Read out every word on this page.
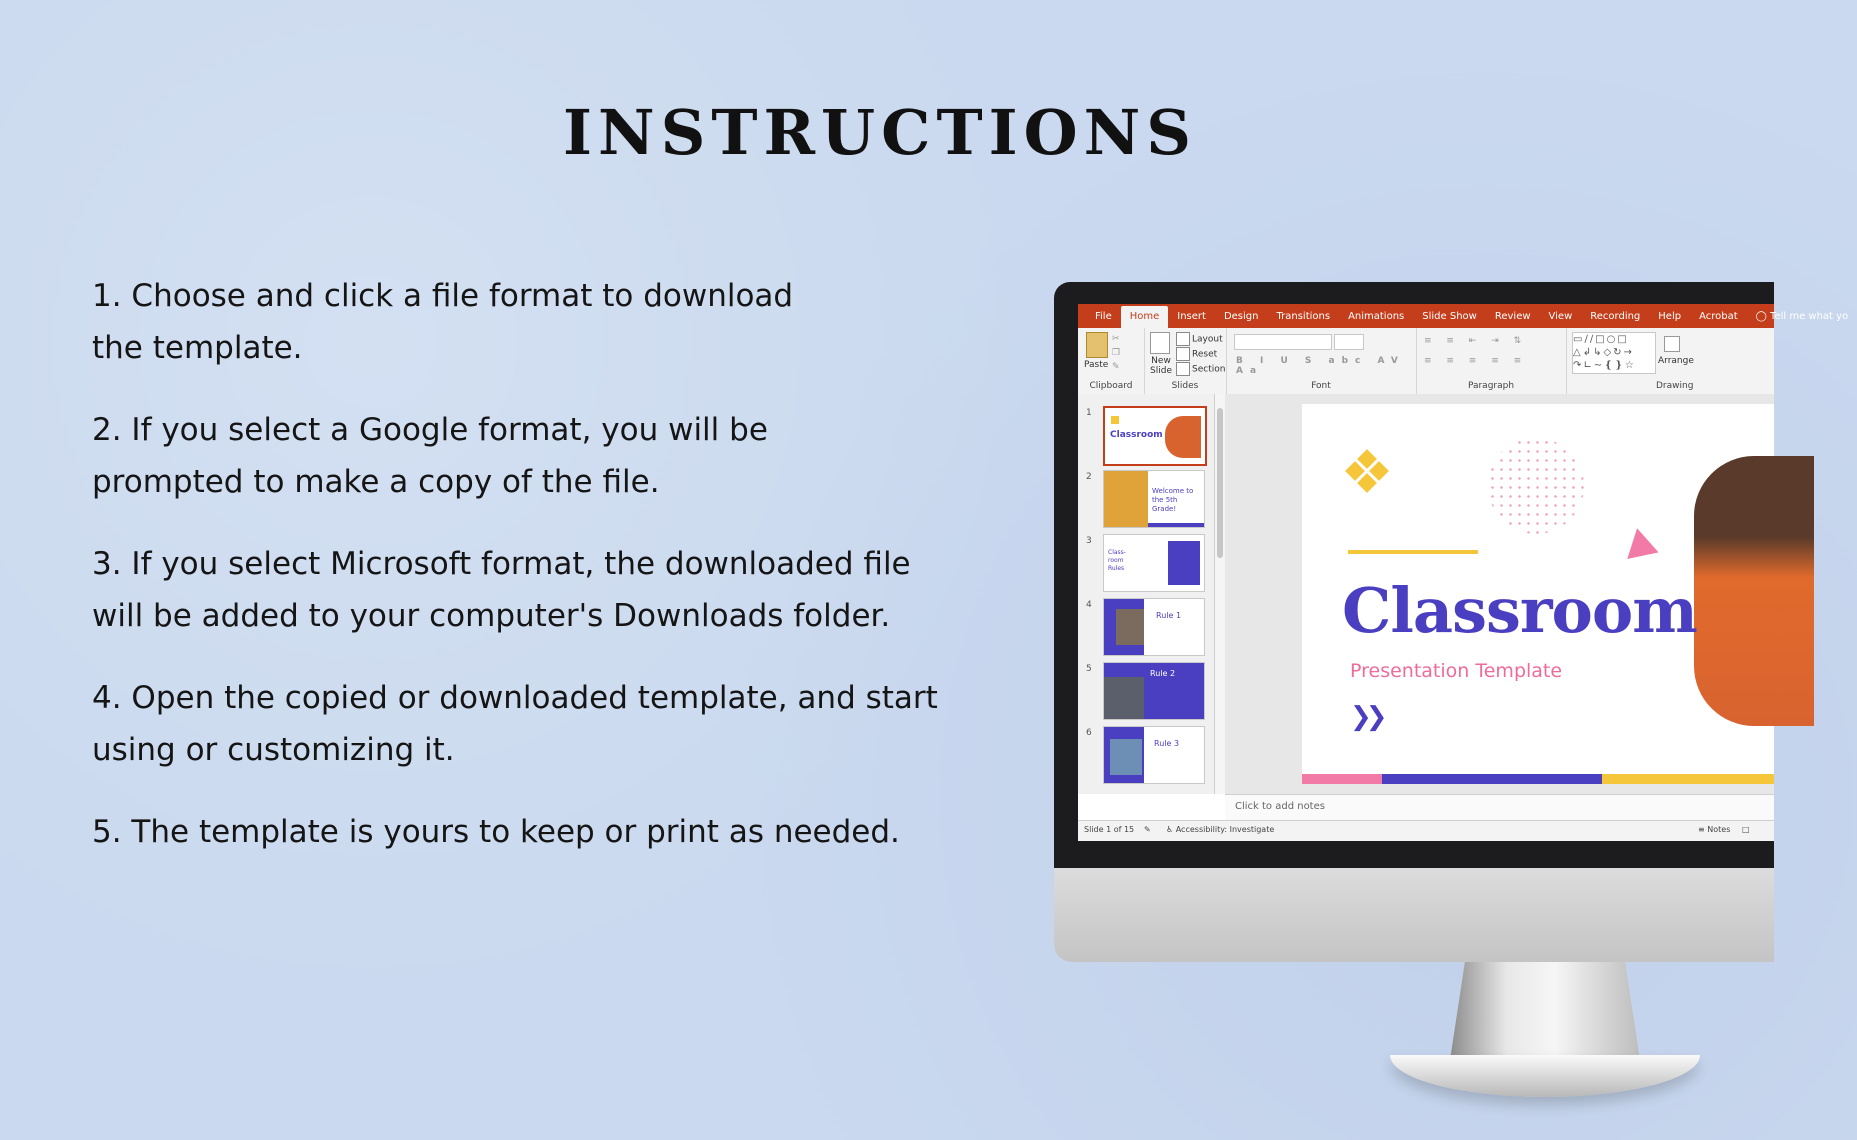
INSTRUCTIONS
1. Choose and click a file format to download the template.
2. If you select a Google format, you will be prompted to make a copy of the file.
3. If you select Microsoft format, the downloaded file will be added to your computer's Downloads folder.
4. Open the copied or downloaded template, and start using or customizing it.
5. The template is yours to keep or print as needed.
File	Home	Insert	Design	Transitions	Animations	Slide Show	Review	View	Recording	Help	Acrobat	◯ Tell me what yo
Paste
✂
❐
✎
Clipboard
New Slide
Layout
Reset
Section
Slides
B I U S abc AV Aa
Font
≡ ≡ ⇤ ⇥ ⇅
≡ ≡ ≡ ≡ ≡
Paragraph
▭∕∕□○□
△↲↳◇↻→
↷∟∼❴❵☆	Arrange
Drawing
1
Classroom
2
Welcome to the 5th Grade!
3
Class-room Rules
4
Rule 1
5	Rule 2
6
Rule 3
Classroom
Presentation Template
❯❯
Click to add notes
Slide 1 of 15 ✎ ♿ Accessibility: Investigate	≡ Notes □
